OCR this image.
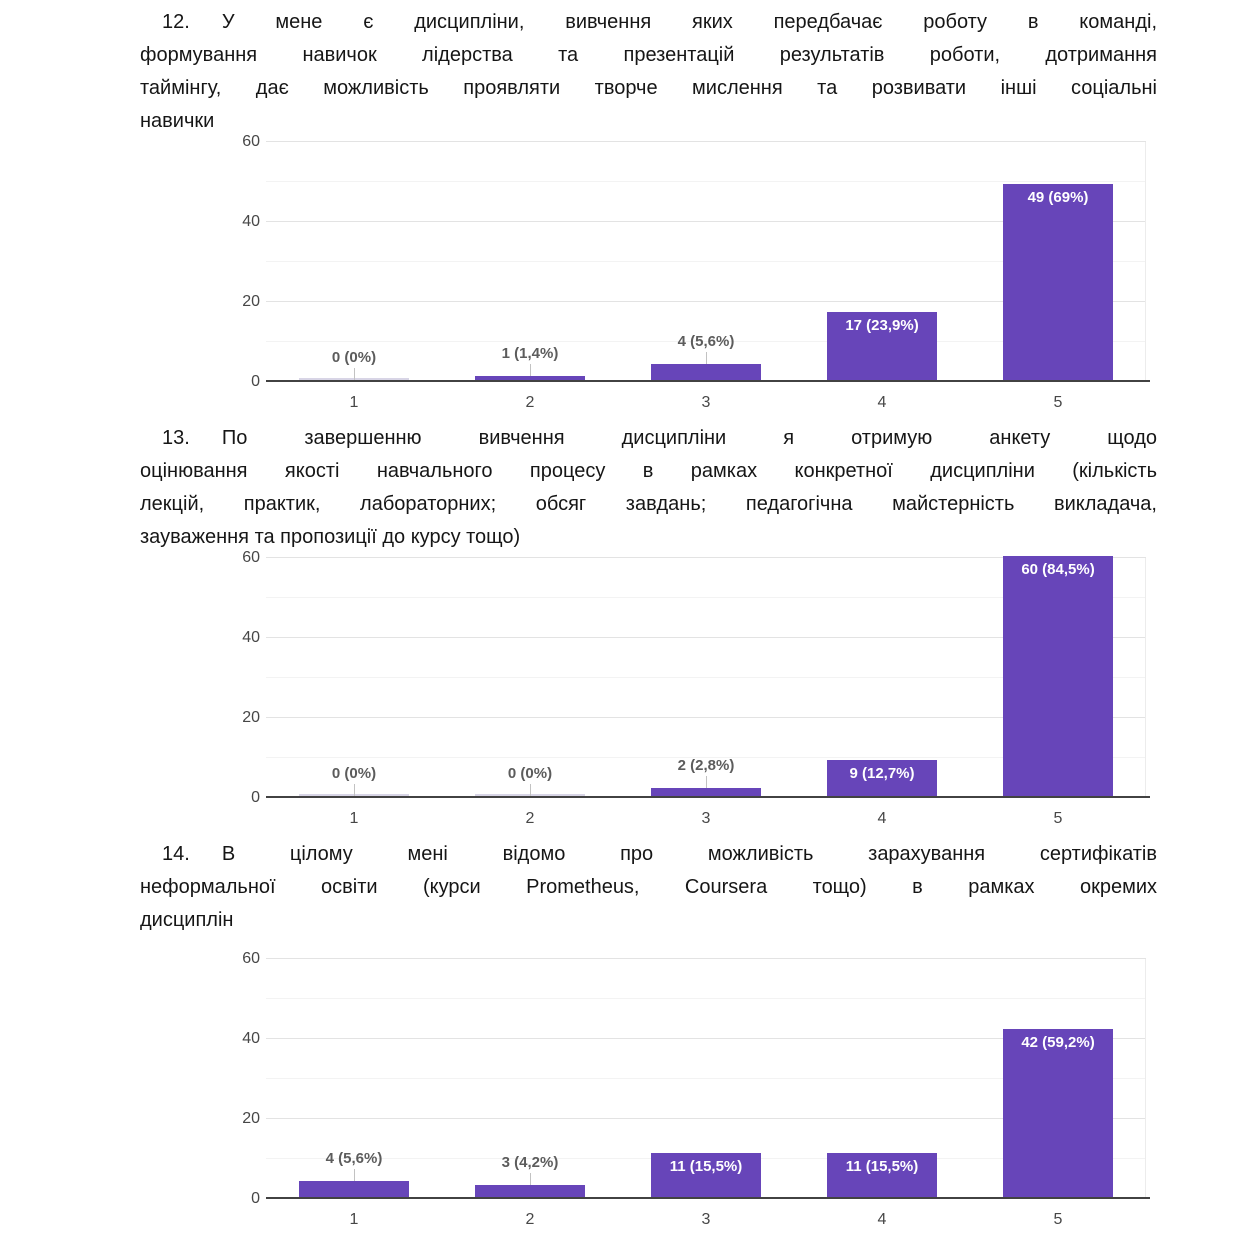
12. У мене є дисципліни, вивчення яких передбачає роботу в команді,
формування навичок лідерства та презентацій результатів роботи, дотримання
таймінгу, дає можливість проявляти творче мислення та розвивати інші соціальні
навички
0
20
40
60
0 (0%)
1
1 (1,4%)
2
4 (5,6%)
3
17 (23,9%)
4
49 (69%)
5
13. По завершенню вивчення дисципліни я отримую анкету щодо
оцінювання якості навчального процесу в рамках конкретної дисципліни (кількість
лекцій, практик, лабораторних; обсяг завдань; педагогічна майстерність викладача,
зауваження та пропозиції до курсу тощо)
0
20
40
60
0 (0%)
1
0 (0%)
2
2 (2,8%)
3
9 (12,7%)
4
60 (84,5%)
5
14. В цілому мені відомо про можливість зарахування сертифікатів
неформальної освіти (курси Prometheus, Coursera тощо) в рамках окремих
дисциплін
0
20
40
60
4 (5,6%)
1
3 (4,2%)
2
11 (15,5%)
3
11 (15,5%)
4
42 (59,2%)
5
